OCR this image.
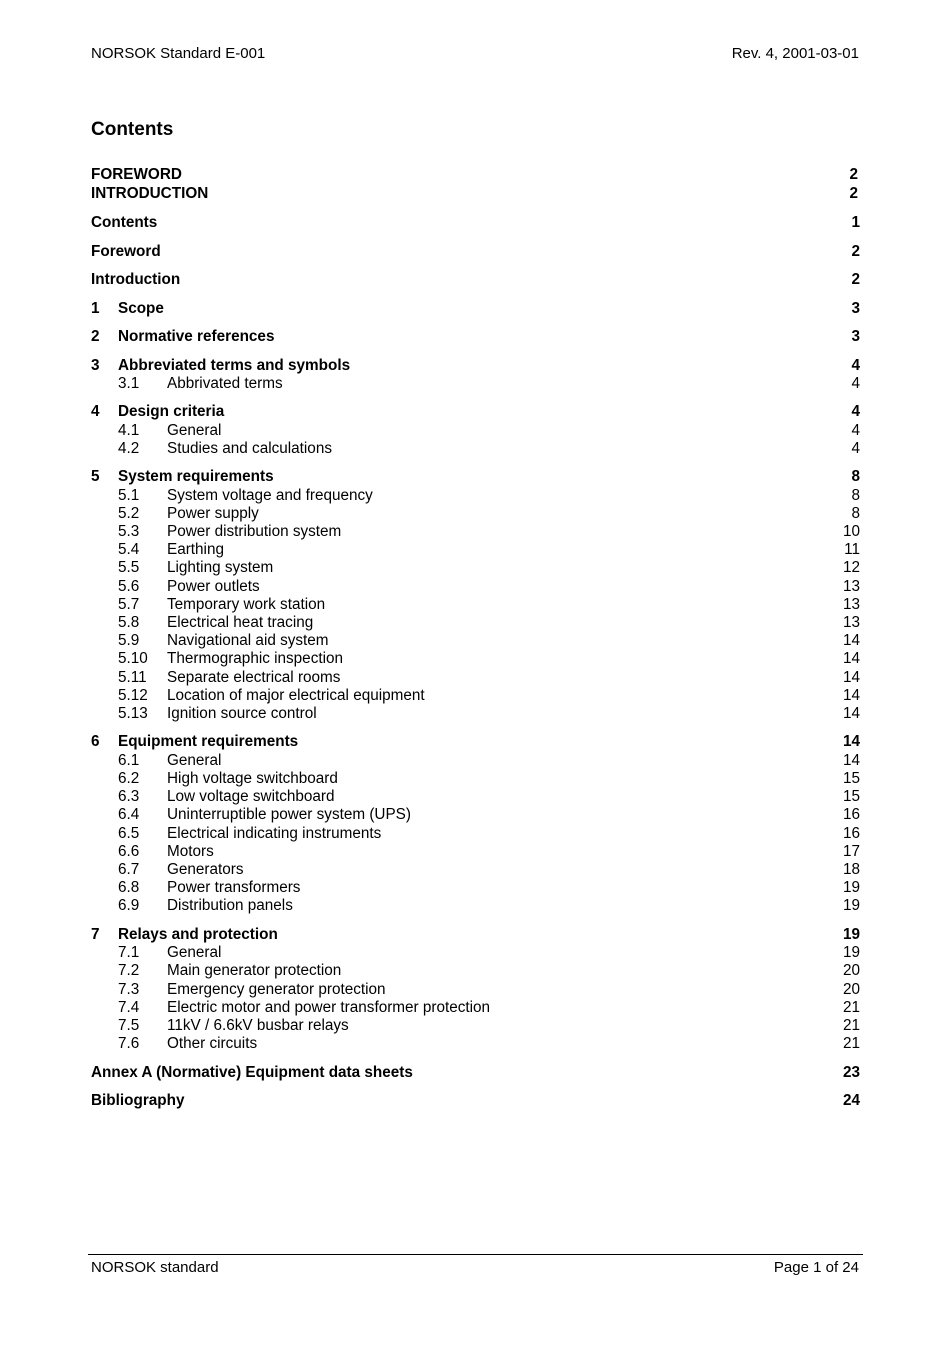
NORSOK Standard E-001	Rev. 4, 2001-03-01
Contents
FOREWORD	2
INTRODUCTION	2
Contents	1
Foreword	2
Introduction	2
1 Scope	3
2 Normative references	3
3 Abbreviated terms and symbols	4
3.1 Abbrivated terms	4
4 Design criteria	4
4.1 General	4
4.2 Studies and calculations	4
5 System requirements	8
5.1 System voltage and frequency	8
5.2 Power supply	8
5.3 Power distribution system	10
5.4 Earthing	11
5.5 Lighting system	12
5.6 Power outlets	13
5.7 Temporary work station	13
5.8 Electrical heat tracing	13
5.9 Navigational aid system	14
5.10 Thermographic inspection	14
5.11 Separate electrical rooms	14
5.12 Location of major electrical equipment	14
5.13 Ignition source control	14
6 Equipment requirements	14
6.1 General	14
6.2 High voltage switchboard	15
6.3 Low voltage switchboard	15
6.4 Uninterruptible power system (UPS)	16
6.5 Electrical indicating instruments	16
6.6 Motors	17
6.7 Generators	18
6.8 Power transformers	19
6.9 Distribution panels	19
7 Relays and protection	19
7.1 General	19
7.2 Main generator protection	20
7.3 Emergency generator protection	20
7.4 Electric motor and power transformer protection	21
7.5 11kV / 6.6kV busbar relays	21
7.6 Other circuits	21
Annex A (Normative) Equipment data sheets	23
Bibliography	24
NORSOK standard	Page 1 of 24
